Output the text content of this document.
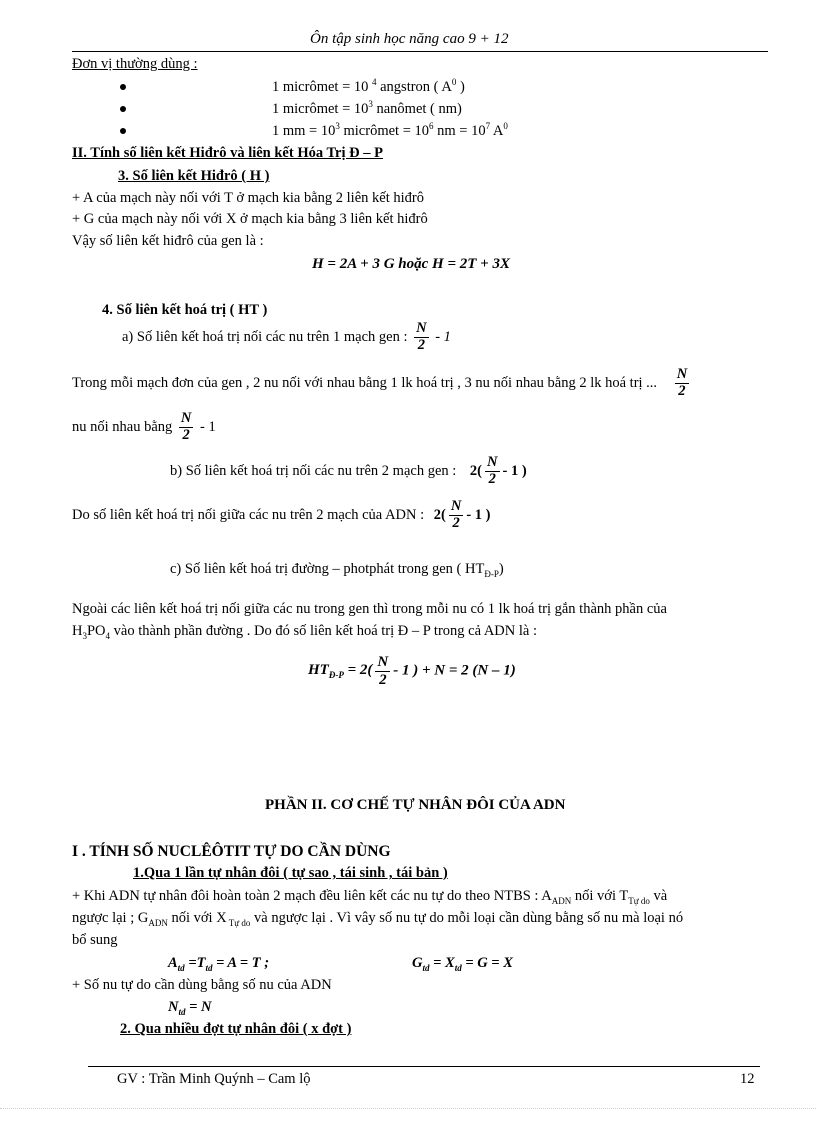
Ôn tập sinh học năng cao 9 + 12
Đơn vị thường dùng :
1 micrômet = 10 $^4$ angstron ( $A^0$ )
1 micrômet = $10^3$ nanômet ( nm)
1 mm = $10^3$ micrômet = $10^6$ nm = $10^7$ $A^0$
II. Tính số liên kết Hiđrô và liên kết Hóa Trị Đ – P
3. Số liên kết Hiđrô ( H )
+ A của mạch này nối với T ở mạch kia bằng 2 liên kết hiđrô
+ G của mạch này nối với X ở mạch kia bằng 3 liên kết hiđrô
Vậy số liên kết hiđrô của gen là :
H = 2A + 3 G hoặc H = 2T + 3X
4. Số liên kết hoá trị ( HT )
a) Số liên kết hoá trị nối các nu trên 1 mạch gen : $\frac{N}{2} - 1$
Trong mỗi mạch đơn của gen , 2 nu nối với nhau bằng 1 lk hoá trị , 3 nu nối nhau bằng 2 lk hoá trị ... $\frac{N}{2}$
nu nối nhau bằng $\frac{N}{2} - 1$
b) Số liên kết hoá trị nối các nu trên 2 mạch gen : $2( \frac{N}{2} - 1$ )
Do số liên kết hoá trị nối giữa các nu trên 2 mạch của ADN : $2( \frac{N}{2} - 1$ )
c) Số liên kết hoá trị đường – photphát trong gen ( $HT_{Đ-P}$)
Ngoài các liên kết hoá trị nối giữa các nu trong gen thì trong mỗi nu có 1 lk hoá trị gắn thành phần của
$H_3PO_4$ vào thành phần đường . Do đó số liên kết hoá trị Đ – P trong cả ADN là :
$HT_{Đ-P} = 2( \frac{N}{2} - 1$ ) + N = 2 (N – 1)
PHẦN II. CƠ CHẾ TỰ NHÂN ĐÔI CỦA ADN
I . TÍNH SỐ NUCLÊÔTIT TỰ DO CẦN DÙNG
1.Qua 1 lần tự nhân đôi ( tự sao , tái sinh , tái bản )
+ Khi ADN tự nhân đôi hoàn toàn 2 mạch đều liên kết các nu tự do theo NTBS : $A_{ADN}$ nối với $T_{Tự do}$ và
ngược lại ; $G_{ADN}$ nối với X $_{Tự do}$ và ngược lại . Vì vây số nu tự do mỗi loại cần dùng bằng số nu mà loại nó
bổ sung
$A_{td} =T_{td} = A = T$ ;	$G_{td} = X_{td} = G = X$
+ Số nu tự do cần dùng bằng số nu của ADN
$N_{td} = N$
2. Qua nhiều đợt tự nhân đôi ( x đợt )
GV : Trần Minh Quýnh – Cam lộ	12
